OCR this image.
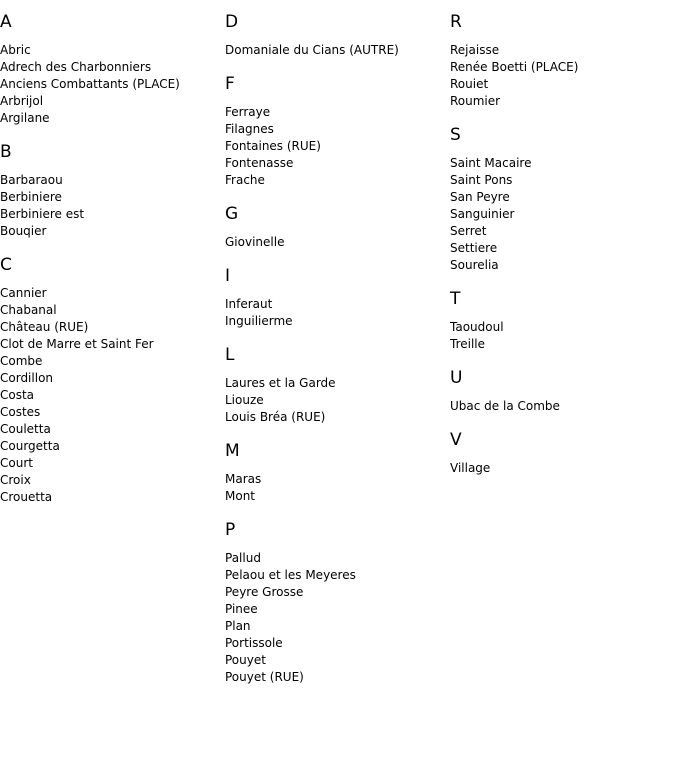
A
Abric
Adrech des Charbonniers
Anciens Combattants (PLACE)
Arbrijol
Argilane
B
Barbaraou
Berbiniere
Berbiniere est
Bouqier
C
Cannier
Chabanal
Château (RUE)
Clot de Marre et Saint Fer
Combe
Cordillon
Costa
Costes
Couletta
Courgetta
Court
Croix
Crouetta
D
Domaniale du Cians (AUTRE)
F
Ferraye
Filagnes
Fontaines (RUE)
Fontenasse
Frache
G
Giovinelle
I
Inferaut
Inguilierme
L
Laures et la Garde
Liouze
Louis Bréa (RUE)
M
Maras
Mont
P
Pallud
Pelaou et les Meyeres
Peyre Grosse
Pinee
Plan
Portissole
Pouyet
Pouyet (RUE)
R
Rejaisse
Renée Boetti (PLACE)
Rouiet
Roumier
S
Saint Macaire
Saint Pons
San Peyre
Sanguinier
Serret
Settiere
Sourelia
T
Taoudoul
Treille
U
Ubac de la Combe
V
Village
